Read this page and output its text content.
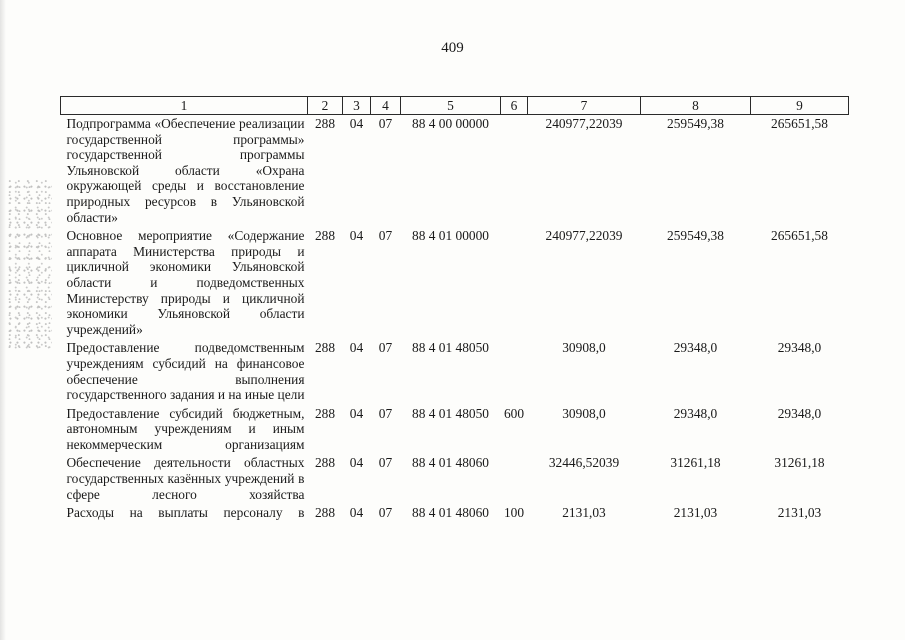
409
1	2	3	4	5	6	7	8	9
Подпрограмма «Обеспечение реализации государственной программы» государственной программы Ульяновской области «Охрана окружающей среды и восстановление природных ресурсов в Ульяновской области»	288	04	07	88 4 00 00000		240977,22039	259549,38	265651,58
Основное мероприятие «Содержание аппарата Министерства природы и цикличной экономики Ульяновской области и подведомственных Министерству природы и цикличной экономики Ульяновской области учреждений»	288	04	07	88 4 01 00000		240977,22039	259549,38	265651,58
Предоставление подведомственным учреждениям субсидий на финансовое обеспечение выполнения государственного задания и на иные цели	288	04	07	88 4 01 48050		30908,0	29348,0	29348,0
Предоставление субсидий бюджетным, автономным учреждениям и иным некоммерческим организациям	288	04	07	88 4 01 48050	600	30908,0	29348,0	29348,0
Обеспечение деятельности областных государственных казённых учреждений в сфере лесного хозяйства	288	04	07	88 4 01 48060		32446,52039	31261,18	31261,18
Расходы на выплаты персоналу в	288	04	07	88 4 01 48060	100	2131,03	2131,03	2131,03
